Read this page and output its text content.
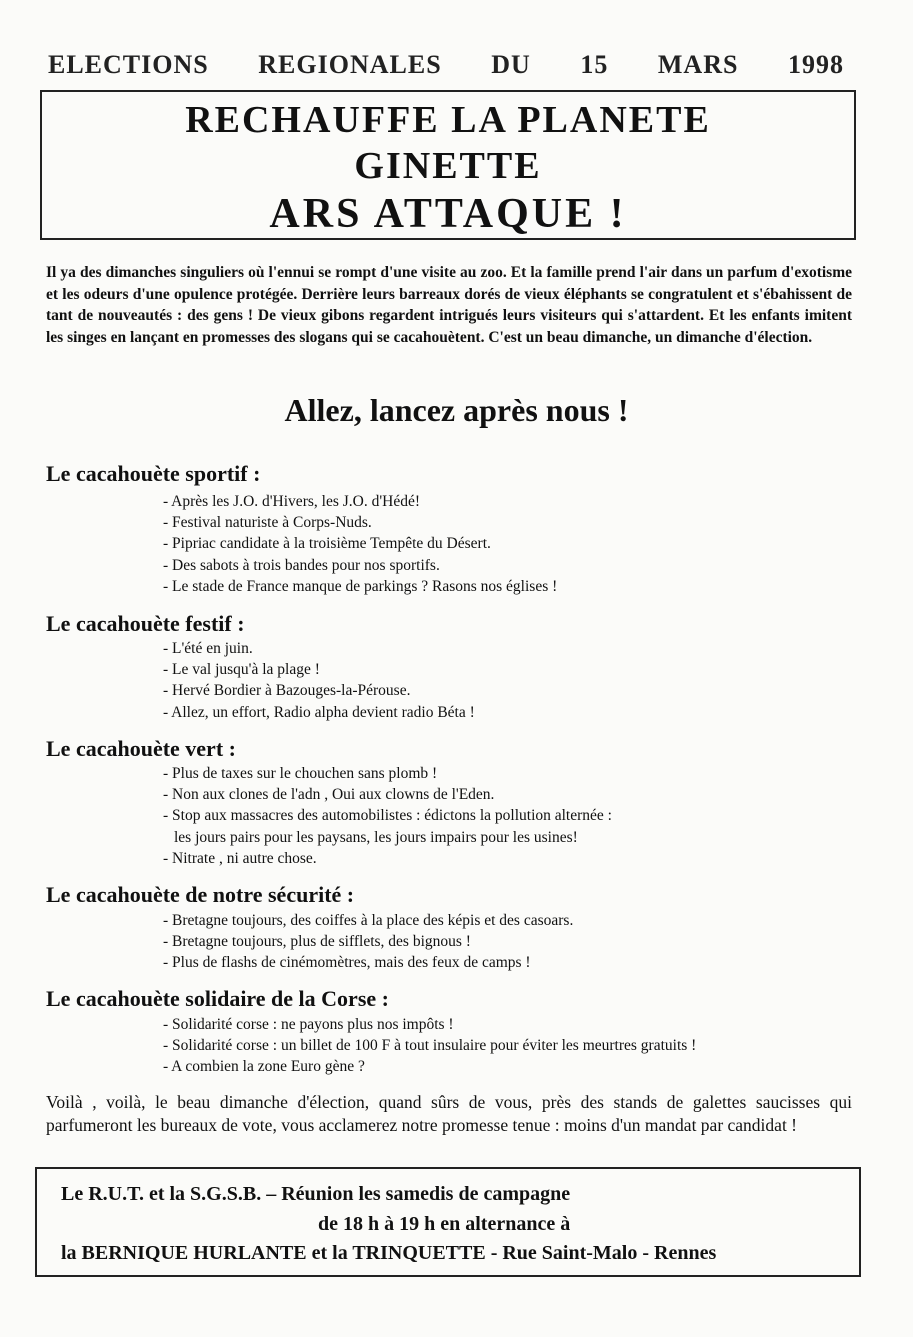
ELECTIONS REGIONALES DU 15 MARS 1998
RECHAUFFE LA PLANETE
GINETTE
ARS ATTAQUE !
Il ya des dimanches singuliers où l'ennui se rompt d'une visite au zoo. Et la famille prend l'air dans un parfum d'exotisme et les odeurs d'une opulence protégée. Derrière leurs barreaux dorés de vieux éléphants se congratulent et s'ébahissent de tant de nouveautés : des gens ! De vieux gibons regardent intrigués leurs visiteurs qui s'attardent. Et les enfants imitent les singes en lançant en promesses des slogans qui se cacahouètent. C'est un beau dimanche, un dimanche d'élection.
Allez, lancez après nous !
Le cacahouète sportif :
- Après les J.O. d'Hivers, les J.O. d'Hédé!
- Festival naturiste à Corps-Nuds.
- Pipriac candidate à la troisième Tempête du Désert.
- Des sabots à trois bandes pour nos sportifs.
- Le stade de France manque de parkings ? Rasons nos églises !
Le cacahouète festif :
- L'été en juin.
- Le val jusqu'à la plage !
- Hervé Bordier à Bazouges-la-Pérouse.
- Allez, un effort, Radio alpha devient radio Béta !
Le cacahouète vert :
- Plus de taxes sur le chouchen sans plomb !
- Non aux clones de l'adn , Oui aux clowns de l'Eden.
- Stop aux massacres des automobilistes : édictons la pollution alternée :
les jours pairs pour les paysans, les jours impairs pour les usines!
- Nitrate , ni autre chose.
Le cacahouète de notre sécurité :
- Bretagne toujours, des coiffes à la place des képis et des casoars.
- Bretagne toujours, plus de sifflets, des bignous !
- Plus de flashs de cinémomètres, mais des feux de camps !
Le cacahouète solidaire de la Corse :
- Solidarité corse : ne payons plus nos impôts !
- Solidarité corse : un billet de 100 F à tout insulaire pour éviter les meurtres gratuits !
- A combien la zone Euro gène ?
Voilà , voilà, le beau dimanche d'élection, quand sûrs de vous, près des stands de galettes saucisses qui parfumeront les bureaux de vote, vous acclamerez notre promesse tenue : moins d'un mandat par candidat !
Le R.U.T. et la S.G.S.B. – Réunion les samedis de campagne
de 18 h à 19 h en alternance à
la BERNIQUE HURLANTE et la TRINQUETTE - Rue Saint-Malo - Rennes
